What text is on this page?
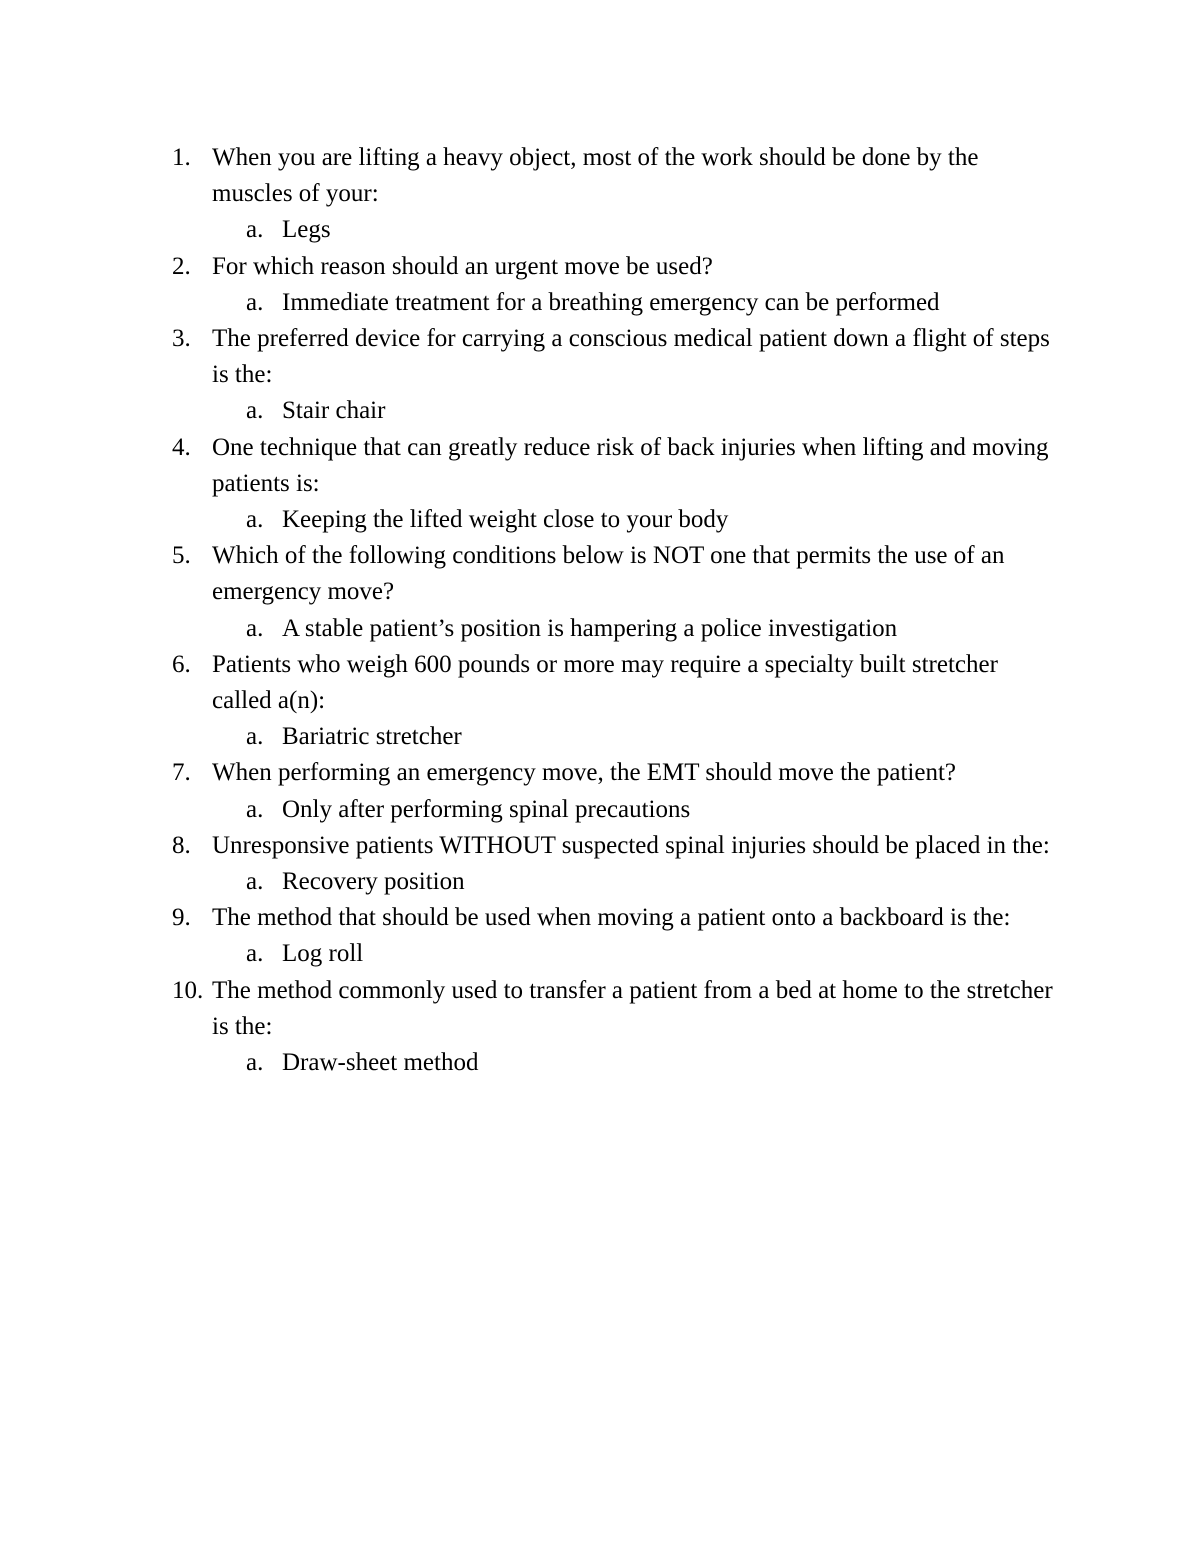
1. When you are lifting a heavy object, most of the work should be done by the muscles of your:
a. Legs
2. For which reason should an urgent move be used?
a. Immediate treatment for a breathing emergency can be performed
3. The preferred device for carrying a conscious medical patient down a flight of steps is the:
a. Stair chair
4. One technique that can greatly reduce risk of back injuries when lifting and moving patients is:
a. Keeping the lifted weight close to your body
5. Which of the following conditions below is NOT one that permits the use of an emergency move?
a. A stable patient’s position is hampering a police investigation
6. Patients who weigh 600 pounds or more may require a specialty built stretcher called a(n):
a. Bariatric stretcher
7. When performing an emergency move, the EMT should move the patient?
a. Only after performing spinal precautions
8. Unresponsive patients WITHOUT suspected spinal injuries should be placed in the:
a. Recovery position
9. The method that should be used when moving a patient onto a backboard is the:
a. Log roll
10. The method commonly used to transfer a patient from a bed at home to the stretcher is the:
a. Draw-sheet method
